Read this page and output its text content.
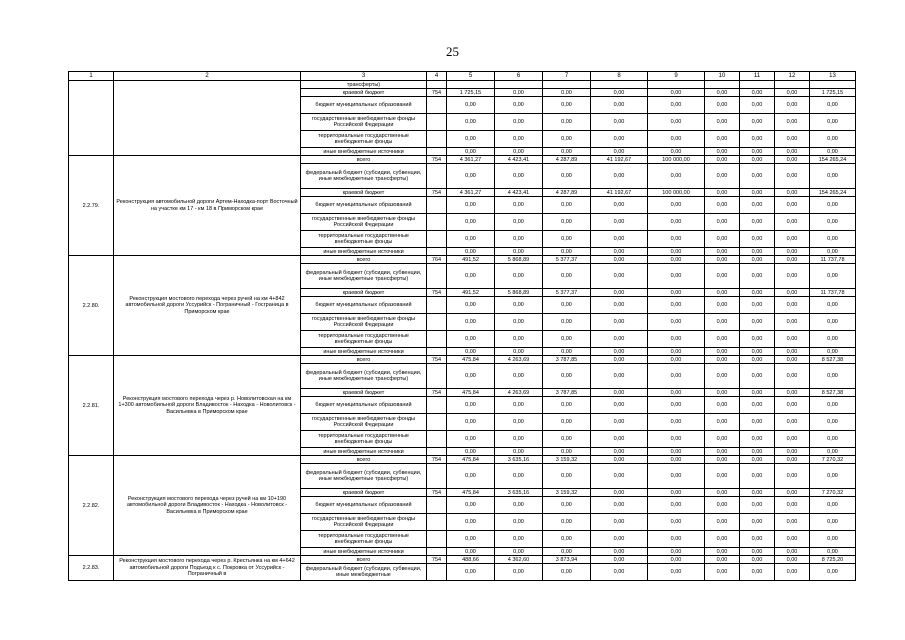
25
1	2	3	4	5	6	7	8	9	10	11	12	13
		трансферты)										
		краевой бюджет	754	1 725,15	0,00	0,00	0,00	0,00	0,00	0,00	0,00	1 725,15
		бюджет муниципальных образований		0,00	0,00	0,00	0,00	0,00	0,00	0,00	0,00	0,00
		государственные внебюджетные фонды Российской Федерации		0,00	0,00	0,00	0,00	0,00	0,00	0,00	0,00	0,00
		территориальные государственные внебюджетные фонды		0,00	0,00	0,00	0,00	0,00	0,00	0,00	0,00	0,00
		иные внебюджетные источники		0,00	0,00	0,00	0,00	0,00	0,00	0,00	0,00	0,00
2.2.79.	Реконструкция автомобильной дороги Артем-Находка-порт Восточный на участке км 17 - км 18 в Приморском крае	всего	754	4 361,27	4 423,41	4 287,89	41 192,67	100 000,00	0,00	0,00	0,00	154 265,24
		федеральный бюджет (субсидии, субвенции, иные межбюджетные трансферты)		0,00	0,00	0,00	0,00	0,00	0,00	0,00	0,00	0,00
		краевой бюджет	754	4 361,27	4 423,41	4 287,89	41 192,67	100 000,00	0,00	0,00	0,00	154 265,24
		бюджет муниципальных образований		0,00	0,00	0,00	0,00	0,00	0,00	0,00	0,00	0,00
		государственные внебюджетные фонды Российской Федерации		0,00	0,00	0,00	0,00	0,00	0,00	0,00	0,00	0,00
		территориальные государственные внебюджетные фонды		0,00	0,00	0,00	0,00	0,00	0,00	0,00	0,00	0,00
		иные внебюджетные источники		0,00	0,00	0,00	0,00	0,00	0,00	0,00	0,00	0,00
2.2.80.	Реконструкция мостового перехода через ручей на км 4+842 автомобильной дороги Уссурийск - Пограничный - Госграница в Приморском крае	всего	764	491,52	5 868,89	5 377,37	0,00	0,00	0,00	0,00	0,00	11 737,78
		федеральный бюджет (субсидии, субвенции, иные межбюджетные трансферты)		0,00	0,00	0,00	0,00	0,00	0,00	0,00	0,00	0,00
		краевой бюджет	754	491,52	5 868,89	5 377,37	0,00	0,00	0,00	0,00	0,00	11 737,78
		бюджет муниципальных образований		0,00	0,00	0,00	0,00	0,00	0,00	0,00	0,00	0,00
		государственные внебюджетные фонды Российской Федерации		0,00	0,00	0,00	0,00	0,00	0,00	0,00	0,00	0,00
		территориальные государственные внебюджетные фонды		0,00	0,00	0,00	0,00	0,00	0,00	0,00	0,00	0,00
		иные внебюджетные источники		0,00	0,00	0,00	0,00	0,00	0,00	0,00	0,00	0,00
2.2.81.	Реконструкция мостового перехода через р. Новолитовская на км 1+300 автомобильной дороги Владивосток - Находка - Новолитовск - Васильевка в Приморском крае	всего	754	475,84	4 263,69	3 787,85	0,00	0,00	0,00	0,00	0,00	8 527,38
		федеральный бюджет (субсидии, субвенции, иные межбюджетные трансферты)		0,00	0,00	0,00	0,00	0,00	0,00	0,00	0,00	0,00
		краевой бюджет	754	475,84	4 263,69	3 787,85	0,00	0,00	0,00	0,00	0,00	8 527,38
		бюджет муниципальных образований		0,00	0,00	0,00	0,00	0,00	0,00	0,00	0,00	0,00
		государственные внебюджетные фонды Российской Федерации		0,00	0,00	0,00	0,00	0,00	0,00	0,00	0,00	0,00
		территориальные государственные внебюджетные фонды		0,00	0,00	0,00	0,00	0,00	0,00	0,00	0,00	0,00
		иные внебюджетные источники		0,00	0,00	0,00	0,00	0,00	0,00	0,00	0,00	0,00
2.2.82.	Реконструкция мостового перехода через ручей на км 10+190 автомобильной дороги Владивосток - Находка - Новолитовск - Васильевка в Приморском крае	всего	754	475,84	3 635,16	3 159,32	0,00	0,00	0,00	0,00	0,00	7 270,32
		федеральный бюджет (субсидии, субвенции, иные межбюджетные трансферты)		0,00	0,00	0,00	0,00	0,00	0,00	0,00	0,00	0,00
		краевой бюджет	754	475,84	3 635,16	3 159,32	0,00	0,00	0,00	0,00	0,00	7 270,32
		бюджет муниципальных образований		0,00	0,00	0,00	0,00	0,00	0,00	0,00	0,00	0,00
		государственные внебюджетные фонды Российской Федерации		0,00	0,00	0,00	0,00	0,00	0,00	0,00	0,00	0,00
		территориальные государственные внебюджетные фонды		0,00	0,00	0,00	0,00	0,00	0,00	0,00	0,00	0,00
		иные внебюджетные источники		0,00	0,00	0,00	0,00	0,00	0,00	0,00	0,00	0,00
2.2.83.	Реконструкция мостового перехода через р. Крестьянка на км 4+642 автомобильной дороги Подъезд к с. Покровка от Уссурийск - Пограничный в	всего	754	488,66	4 362,60	3 873,94	0,00	0,00	0,00	0,00	0,00	8 725,20
		федеральный бюджет (субсидии, субвенции, иные межбюджетные		0,00	0,00	0,00	0,00	0,00	0,00	0,00	0,00	0,00
